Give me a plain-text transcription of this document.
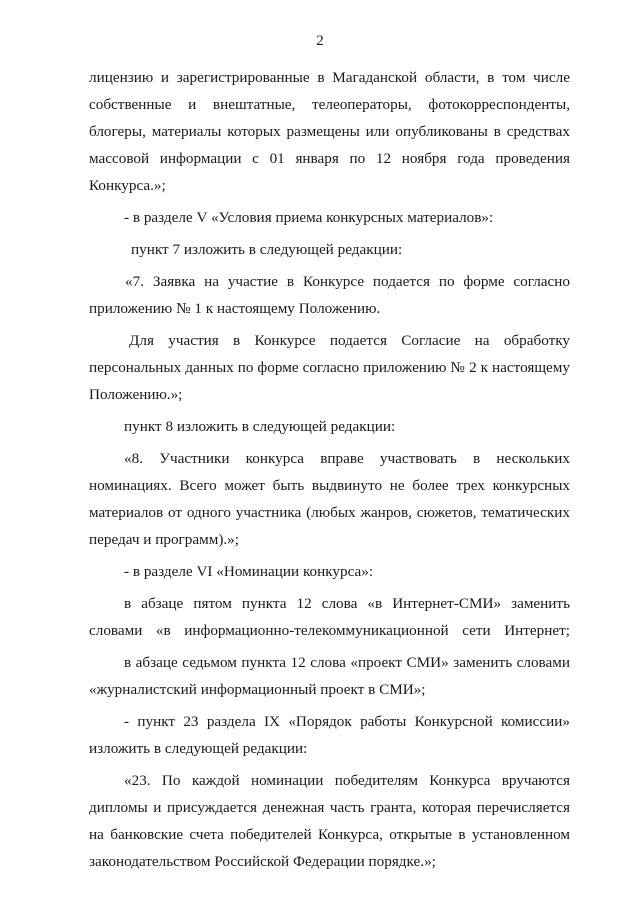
2
лицензию и зарегистрированные в Магаданской области, в том числе
собственные и внештатные, телеоператоры, фотокорреспонденты,
блогеры, материалы которых размещены или опубликованы в средствах
массовой информации с 01 января по 12 ноября года проведения
Конкурса.»;
- в разделе V «Условия приема конкурсных материалов»:
пункт 7 изложить в следующей редакции:
«7. Заявка на участие в Конкурсе подается по форме согласно
приложению № 1 к настоящему Положению.
Для участия в Конкурсе подается Согласие на обработку
персональных данных по форме согласно приложению № 2 к настоящему
Положению.»;
пункт 8 изложить в следующей редакции:
«8. Участники конкурса вправе участвовать в нескольких
номинациях. Всего может быть выдвинуто не более трех конкурсных
материалов от одного участника (любых жанров, сюжетов, тематических
передач и программ).»;
- в разделе VI «Номинации конкурса»:
в абзаце пятом пункта 12 слова «в Интернет-СМИ» заменить
словами «в информационно-телекоммуникационной сети Интернет;
в абзаце седьмом пункта 12 слова «проект СМИ» заменить словами
«журналистский информационный проект в СМИ»;
- пункт 23 раздела IX «Порядок работы Конкурсной комиссии»
изложить в следующей редакции:
«23. По каждой номинации победителям Конкурса вручаются
дипломы и присуждается денежная часть гранта, которая перечисляется
на банковские счета победителей Конкурса, открытые в установленном
законодательством Российской Федерации порядке.»;
